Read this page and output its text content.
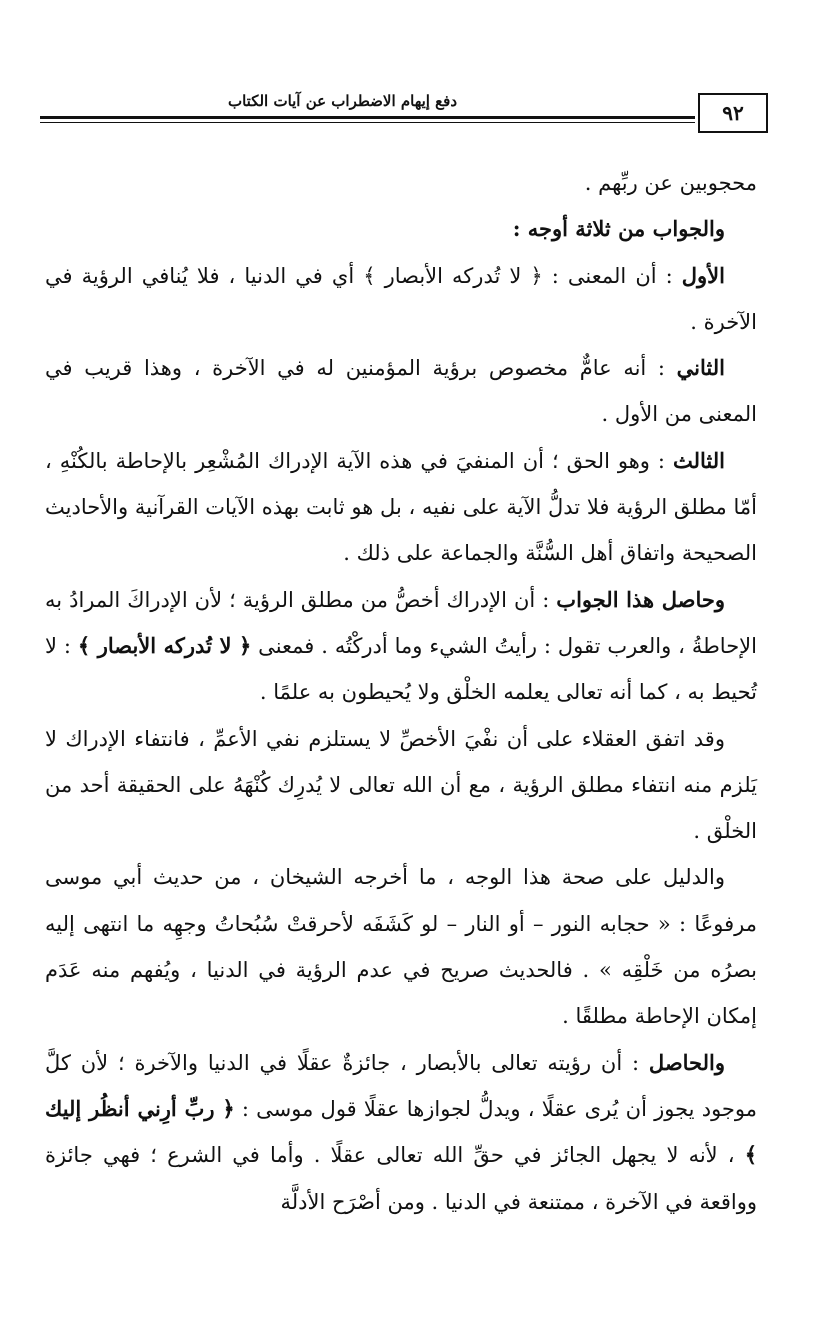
دفع إيهام الاضطراب عن آيات الكتاب	٩٢

محجوبين عن ربِّهم .

والجواب من ثلاثة أوجه :

الأول : أن المعنى : ﴿ لا تُدركه الأبصار ﴾ أي في الدنيا ، فلا يُنافي الرؤية في الآخرة .

الثاني : أنه عامٌّ مخصوص برؤية المؤمنين له في الآخرة ، وهذا قريب في المعنى من الأول .

الثالث : وهو الحق ؛ أن المنفيَ في هذه الآية الإدراك المُشْعِر بالإحاطة بالكُنْهِ ، أمّا مطلق الرؤية فلا تدلُّ الآية على نفيه ، بل هو ثابت بهذه الآيات القرآنية والأحاديث الصحيحة واتفاق أهل السُّنَّة والجماعة على ذلك .

وحاصل هذا الجواب : أن الإدراك أخصُّ من مطلق الرؤية ؛ لأن الإدراكَ المرادُ به الإحاطةُ ، والعرب تقول : رأيتُ الشيء وما أدركْتُه . فمعنى ﴿ لا تُدركه الأبصار ﴾ : لا تُحيط به ، كما أنه تعالى يعلمه الخلْق ولا يُحيطون به علمًا .

وقد اتفق العقلاء على أن نفْيَ الأخصِّ لا يستلزم نفي الأعمِّ ، فانتفاء الإدراك لا يَلزم منه انتفاء مطلق الرؤية ، مع أن الله تعالى لا يُدرِك كُنْهَهُ على الحقيقة أحد من الخلْق .

والدليل على صحة هذا الوجه ، ما أخرجه الشيخان ، من حديث أبي موسى مرفوعًا : « حجابه النور – أو النار – لو كَشَفَه لأحرقتْ سُبُحاتُ وجهِه ما انتهى إليه بصرُه من خَلْقِه » . فالحديث صريح في عدم الرؤية في الدنيا ، ويُفهم منه عَدَم إمكان الإحاطة مطلقًا .

والحاصل : أن رؤيته تعالى بالأبصار ، جائزةٌ عقلًا في الدنيا والآخرة ؛ لأن كلَّ موجود يجوز أن يُرى عقلًا ، ويدلُّ لجوازها عقلًا قول موسى : ﴿ ربِّ أرِني أنظُر إليك ﴾ ، لأنه لا يجهل الجائز في حقِّ الله تعالى عقلًا . وأما في الشرع ؛ فهي جائزة وواقعة في الآخرة ، ممتنعة في الدنيا . ومن أصْرَح الأدلَّة
